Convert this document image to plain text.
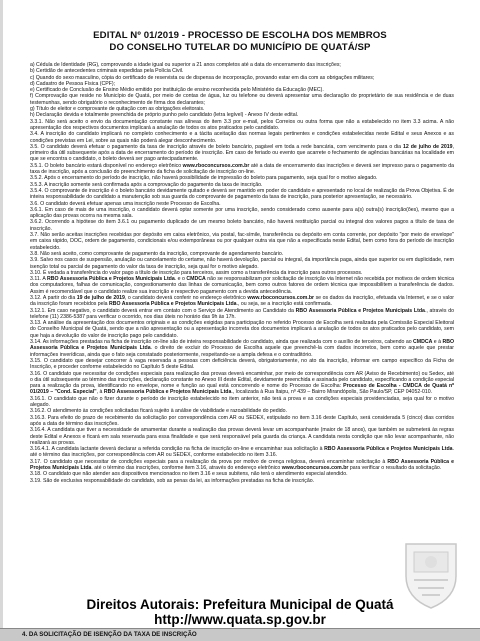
EDITAL Nº 01/2019 - PROCESSO DE ESCOLHA DOS MEMBROS
DO CONSELHO TUTELAR DO MUNICÍPIO DE QUATÁ/SP

a) Cédula de Identidade (RG), comprovando a idade igual ou superior a 21 anos completos até a data do encerramento das inscrições;

b) Certidão de antecedentes criminais expedidas pela Polícia Civil.

c) Quando do sexo masculino, cópia do certificado de reservista ou de dispensa de incorporação, provando estar em dia com as obrigações militares;

d) Cadastro de Pessoa Física (CPF);

e) Certificado de Conclusão de Ensino Médio emitido por instituição de ensino reconhecida pelo Ministério da Educação (MEC).

f) Comprovação que reside no Município de Quatá, por meio de contas de água, luz ou telefone ou deverá apresentar uma declaração do proprietário de sua residência e de duas testemunhas, sendo obrigatório o reconhecimento de firma dos declarantes;

g) Título de eleitor e comprovante de quitação com as obrigações eleitorais.

h) Declaração devida e totalmente preenchida de próprio punho pelo candidato (letra legível) - Anexo IV deste edital.

3.3.1. Não será aceito o envio da documentação constante nas alíneas do item 3.3 por e-mail, pelos Correios ou outra forma que não a estabelecido no item 3.3 acima. A não apresentação dos respectivos documentos implicará a anulação de todos os atos praticados pelo candidato.

3.4. A inscrição do candidato implicará no completo conhecimento e a tácita aceitação das normas legais pertinentes e condições estabelecidas neste Edital e seus Anexos e as condições previstas em Lei, sobre as quais não poderá alegar desconhecimento.

3.5. O candidato deverá efetuar o pagamento da taxa de inscrição através de boleto bancário, pagável em toda a rede bancária, com vencimento para o dia 12 de julho de 2019, primeiro dia útil subsequente após a data de encerramento do período de inscrição. Em caso de feriado ou evento que acarrete o fechamento de agências bancárias na localidade em que se encontra o candidato, o boleto deverá ser pago antecipadamente.

3.5.1. O boleto bancário estará disponível no endereço eletrônico www.rboconcursos.com.br até a data de encerramento das inscrições e deverá ser impresso para o pagamento da taxa de inscrição, após a conclusão do preenchimento da ficha de solicitação de inscrição on-line.

3.5.2. Após o encerramento do período de inscrição, não haverá possibilidade de impressão do boleto para pagamento, seja qual for o motivo alegado.

3.5.3. A inscrição somente será confirmada após a comprovação do pagamento da taxa de inscrição.

3.5.4. O comprovante de inscrição é o boleto bancário devidamente quitado e deverá ser mantido em poder do candidato e apresentado no local de realização da Prova Objetiva. É de inteira responsabilidade do candidato a manutenção sob sua guarda do comprovante de pagamento da taxa de inscrição, para posterior apresentação, se necessário.

3.6. O candidato deverá efetuar apenas uma inscrição neste Processo de Escolha.

3.6.1. Em caso de mais de uma inscrição, o candidato deverá optar somente por uma inscrição, sendo considerado como ausente para a(s) outra(s) inscrição(ões), mesmo que a aplicação das provas ocorra na mesma sala.

3.6.2. Ocorrendo a hipótese do item 3.6.1 ou pagamento duplicado de um mesmo boleto bancário, não haverá restituição parcial ou integral dos valores pagos a título de taxa de inscrição.

3.7. Não serão aceitas inscrições recebidas por depósito em caixa eletrônico, via postal, fac-símile, transferência ou depósito em conta corrente, por depósito "por meio de envelope" em caixa rápido, DOC, ordem de pagamento, condicionais e/ou extemporâneas ou por qualquer outra via que não a especificada neste Edital, bem como fora do período de inscrição estabelecido.

3.8. Não será aceito, como comprovante de pagamento da inscrição, comprovante de agendamento bancário.

3.9. Salvo nos casos de suspensão, anulação ou cancelamento do certame, não haverá devolução, parcial ou integral, da importância paga, ainda que superior ou em duplicidade, nem isenção total ou parcial de pagamento do valor da taxa de inscrição, seja qual for o motivo alegado.

3.10. É vedada a transferência do valor pago a título de inscrição para terceiros, assim como a transferência da inscrição para outros processos.

3.11. A RBO Assessoria Pública e Projetos Municipais Ltda. e o CMDCA não se responsabilizam por solicitação de inscrição via Internet não recebida por motivos de ordem técnica dos computadores, falhas de comunicação, congestionamento das linhas de comunicação, bem como outros fatores de ordem técnica que impossibilitem a transferência de dados. Assim é recomendável que o candidato realize sua inscrição e respectivo pagamento com a devida antecedência.

3.12. A partir do dia 19 de julho de 2019, o candidato deverá conferir no endereço eletrônico www.rboconcursos.com.br se os dados da inscrição, efetuada via Internet, e se o valor da inscrição foram recebidos pela RBO Assessoria Pública e Projetos Municipais Ltda., ou seja, se a inscrição está confirmada.

3.12.1. Em caso negativo, o candidato deverá entrar em contato com o Serviço de Atendimento ao Candidato da RBO Assessoria Pública e Projetos Municipais Ltda., através do telefone (11) 2386-5387 para verificar o ocorrido, nos dias úteis no horário das 9h às 17h.

3.13. A análise da apresentação dos documentos originais e as condições exigidas para participação no referido Processo de Escolha será realizada pela Comissão Especial Eleitoral do Conselho Municipal de Quatá, sendo que a não apresentação ou a apresentação incorreta dos documentos implicará a anulação de todos os atos praticados pelo candidato, sem que haja a devolução do valor de inscrição pago pelo candidato.

3.14. As informações prestadas na ficha de inscrição on-line são de inteira responsabilidade do candidato, ainda que realizada com o auxílio de terceiros, cabendo ao CMDCA e à RBO Assessoria Pública e Projetos Municipais Ltda. o direito de excluir do Processo de Escolha aquele que preenchê-la com dados incorretos, bem como aquele que prestar informações inverídicas, ainda que o fato seja constatado posteriormente, respeitando-se a ampla defesa e o contraditório.

3.15. O candidato que desejar concorrer à vaga reservada a pessoas com deficiência deverá, obrigatoriamente, no ato da inscrição, informar em campo específico da Ficha de Inscrição, e proceder conforme estabelecido no Capítulo 5 deste Edital.

3.16. O candidato que necessitar de condições especiais para realização das provas deverá encaminhar, por meio de correspondência com AR (Aviso de Recebimento) ou Sedex, até o dia útil subsequente ao término das inscrições, declaração constante no Anexo III deste Edital, devidamente preenchida e assinada pelo candidato, especificando a condição especial para a realização da prova, identificando no envelope, nome e função ao qual está concorrendo e nome do Processo de Escolha: Processo de Escolha - CMDCA de Quatá nº 01/2019 – "Cond. Especial", à RBO Assessoria Pública e Projetos Municipais Ltda., localizada à Rua Itaipu, nº 439 – Bairro Mirandópolis, São Paulo/SP, CEP 04052-010.

3.16.1. O candidato que não o fizer durante o período de inscrição estabelecido no item anterior, não terá a prova e as condições especiais providenciadas, seja qual for o motivo alegado.

3.16.2. O atendimento às condições solicitadas ficará sujeito à análise de viabilidade e razoabilidade do pedido.

3.16.3. Para efeito do prazo de recebimento da solicitação por correspondência com AR ou SEDEX, estipulado no item 3.16 deste Capítulo, será considerada 5 (cinco) dias corridos após a data de término das inscrições.

3.16.4. A candidata que tiver a necessidade de amamentar durante a realização das provas deverá levar um acompanhante (maior de 18 anos), que também se submeterá às regras deste Edital e Anexos e ficará em sala reservada para essa finalidade e que será responsável pela guarda da criança. A candidata nesta condição que não levar acompanhante, não realizará as provas.

3.16.4.1. A candidata lactante deverá declarar a referida condição na ficha de inscrição on-line e encaminhar sua solicitação à RBO Assessoria Pública e Projetos Municipais Ltda. até o término das inscrições, por correspondência com AR ou SEDEX, conforme estabelecido no item 3.16.

3.17. O candidato que necessitar de condições especiais para a realização da prova por motivo de crença religiosa, deverá encaminhar solicitação à RBO Assessoria Pública e Projetos Municipais Ltda. até o término das inscrições, conforme item 3.16, através do endereço eletrônico www.rboconcursos.com.br para verificar o resultado da solicitação.

3.18. O candidato que não atender aos dispositivos mencionados no item 3.16 e seus subitens, não terá o atendimento especial atendido.

3.19. São de exclusiva responsabilidade do candidato, sob as penas da lei, as informações prestadas na ficha de inscrição.

Direitos Autorais: Prefeitura Municipal de Quatá
http://www.quata.sp.gov.br
4. DA SOLICITAÇÃO DE ISENÇÃO DA TAXA DE INSCRIÇÃO
